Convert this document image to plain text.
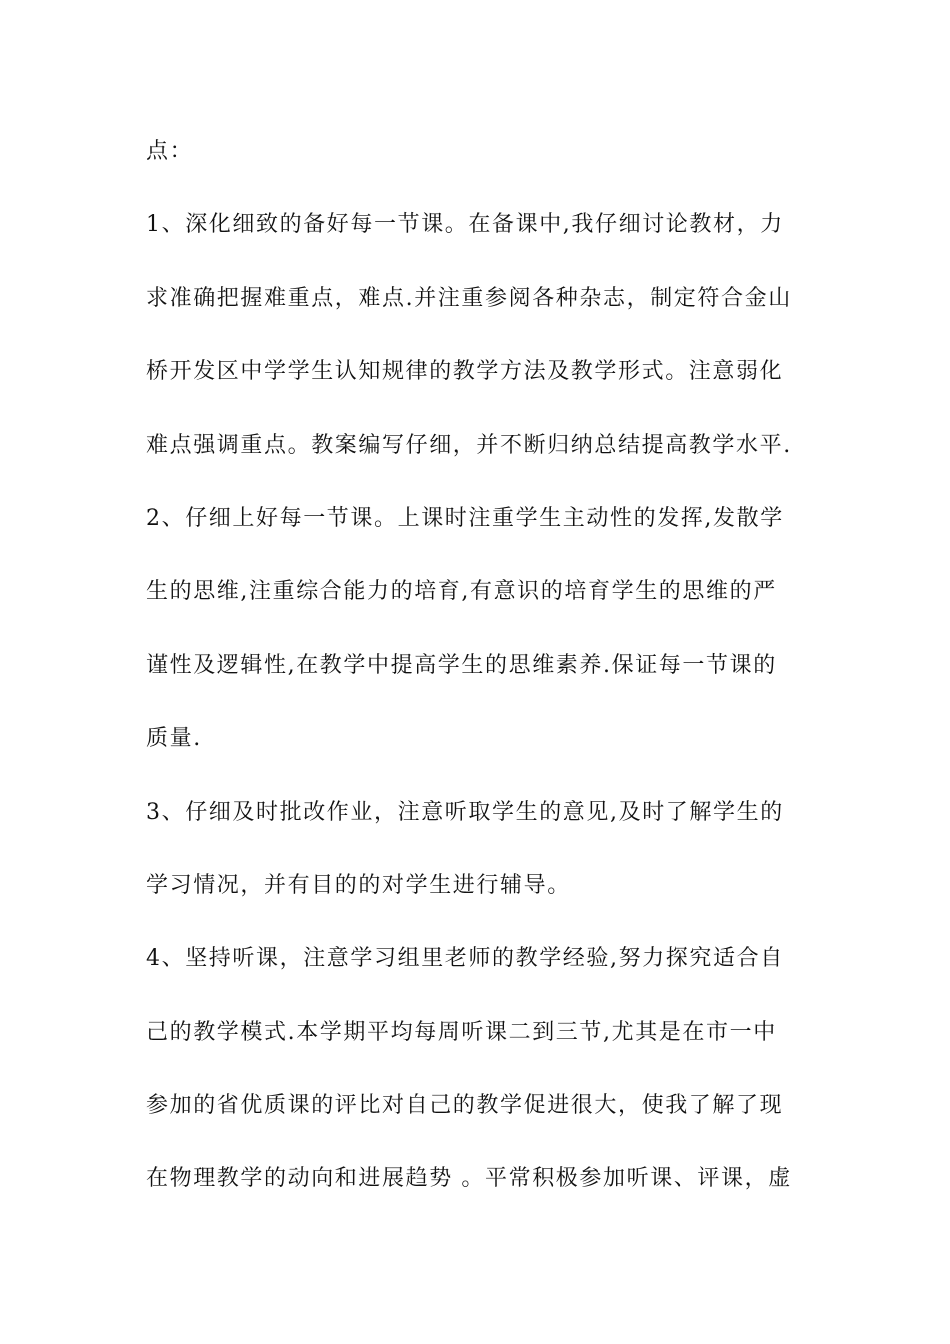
点：
1、深化细致的备好每一节课。在备课中,我仔细讨论教材，力
求准确把握难重点，难点.并注重参阅各种杂志，制定符合金山
桥开发区中学学生认知规律的教学方法及教学形式。注意弱化
难点强调重点。教案编写仔细，并不断归纳总结提高教学水平.
2、仔细上好每一节课。上课时注重学生主动性的发挥,发散学
生的思维,注重综合能力的培育,有意识的培育学生的思维的严
谨性及逻辑性,在教学中提高学生的思维素养.保证每一节课的
质量.
3、仔细及时批改作业，注意听取学生的意见,及时了解学生的
学习情况，并有目的的对学生进行辅导。
4、坚持听课，注意学习组里老师的教学经验,努力探究适合自
己的教学模式.本学期平均每周听课二到三节,尤其是在市一中
参加的省优质课的评比对自己的教学促进很大，使我了解了现
在物理教学的动向和进展趋势 。平常积极参加听课、评课，虚
